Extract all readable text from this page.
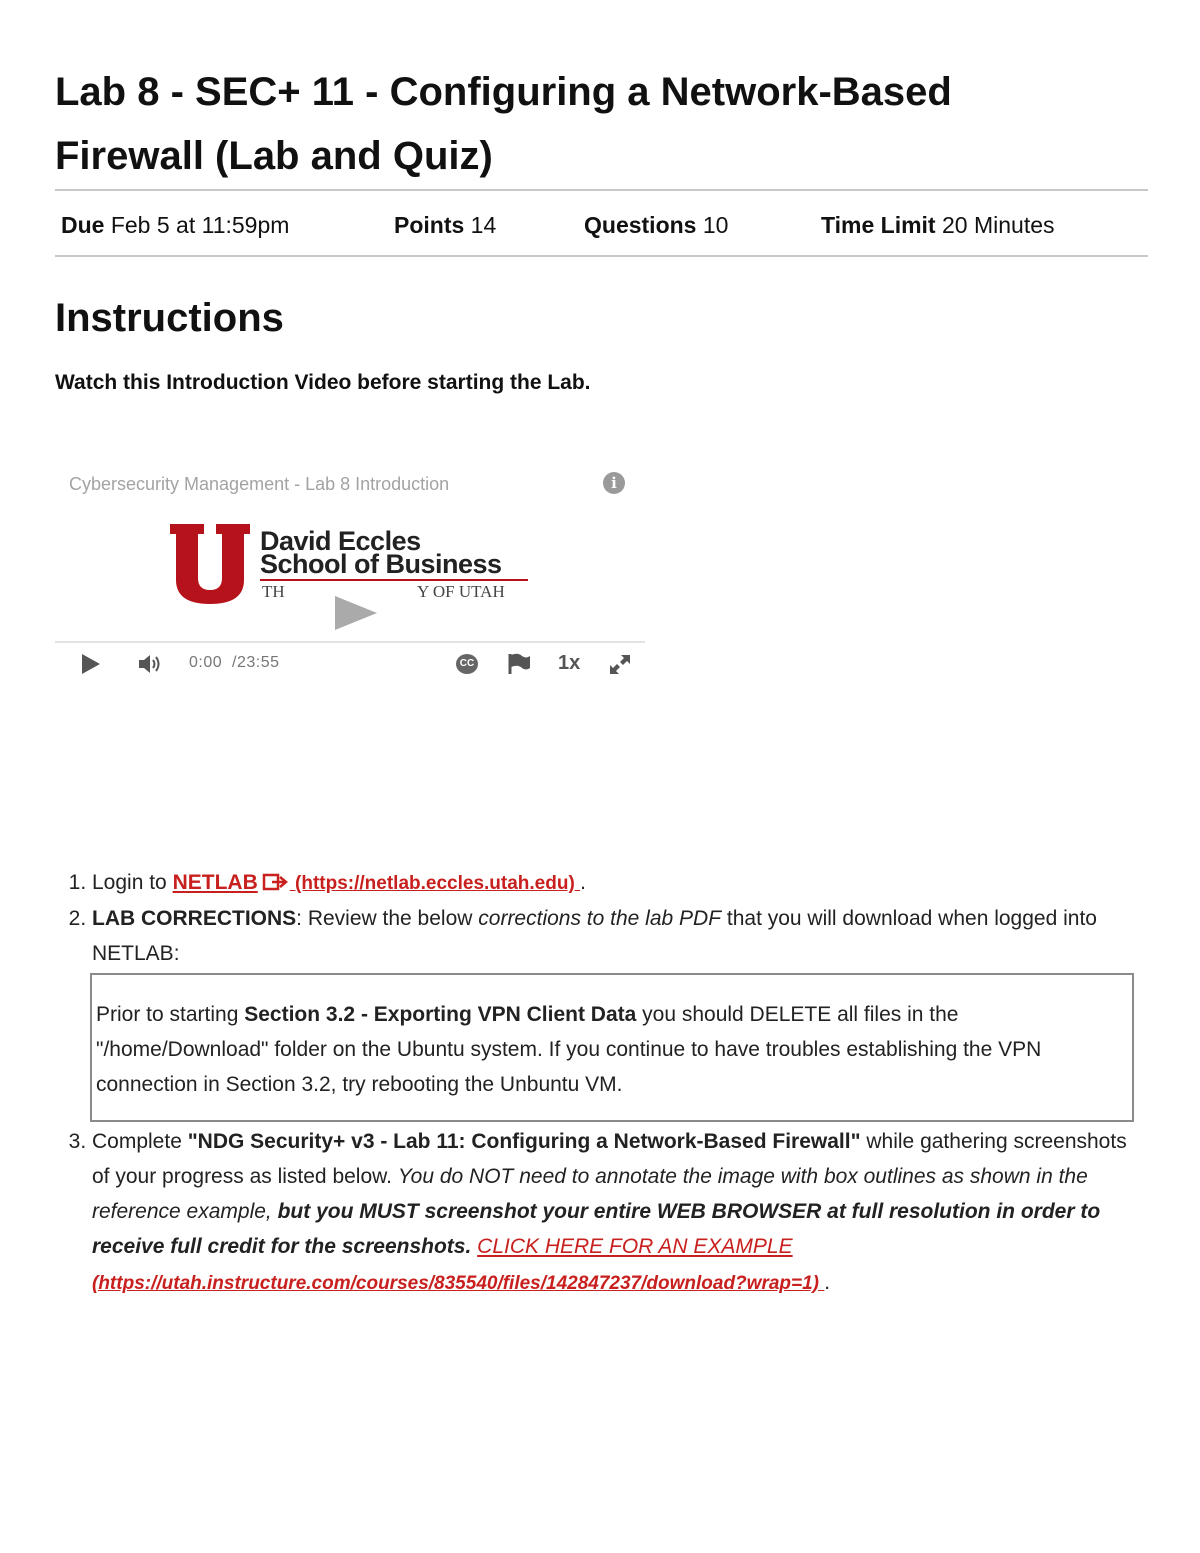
Lab 8 - SEC+ 11 - Configuring a Network-Based Firewall (Lab and Quiz)
Due Feb 5 at 11:59pm	Points 14	Questions 10	Time Limit 20 Minutes
Instructions
Watch this Introduction Video before starting the Lab.
Cybersecurity Management - Lab 8 Introduction	i
David Eccles
School of Business
TH	Y OF UTAH
0:00 /23:55	CC	1x
1. Login to NETLAB (https://netlab.eccles.utah.edu) .
2. LAB CORRECTIONS: Review the below corrections to the lab PDF that you will download when logged into NETLAB:
Prior to starting Section 3.2 - Exporting VPN Client Data you should DELETE all files in the "/home/Download" folder on the Ubuntu system. If you continue to have troubles establishing the VPN connection in Section 3.2, try rebooting the Unbuntu VM.
3. Complete "NDG Security+ v3 - Lab 11: Configuring a Network-Based Firewall" while gathering screenshots of your progress as listed below. You do NOT need to annotate the image with box outlines as shown in the reference example, but you MUST screenshot your entire WEB BROWSER at full resolution in order to receive full credit for the screenshots. CLICK HERE FOR AN EXAMPLE (https://utah.instructure.com/courses/835540/files/142847237/download?wrap=1) .
